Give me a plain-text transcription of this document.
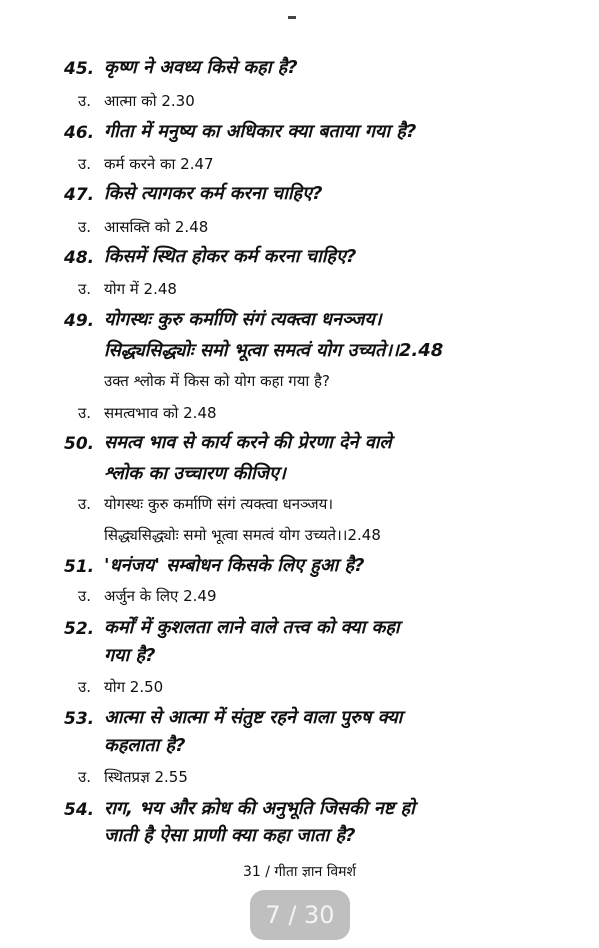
45. कृष्ण ने अवध्य किसे कहा है?
उ. आत्मा को 2.30
46. गीता में मनुष्य का अधिकार क्या बताया गया है?
उ. कर्म करने का 2.47
47. किसे त्यागकर कर्म करना चाहिए?
उ. आसक्ति को 2.48
48. किसमें स्थित होकर कर्म करना चाहिए?
उ. योग में 2.48
49. योगस्थः कुरु कर्माणि संगं त्यक्त्वा धनञ्जय।
सिद्ध्यसिद्ध्योः समो भूत्वा समत्वं योग उच्यते।।2.48
उक्त श्लोक में किस को योग कहा गया है?
उ. समत्वभाव को 2.48
50. समत्व भाव से कार्य करने की प्रेरणा देने वाले
श्लोक का उच्चारण कीजिए।
उ. योगस्थः कुरु कर्माणि संगं त्यक्त्वा धनञ्जय।
सिद्ध्यसिद्ध्योः समो भूत्वा समत्वं योग उच्यते।।2.48
51. 'धनंजय' सम्बोधन किसके लिए हुआ है?
उ. अर्जुन के लिए 2.49
52. कर्मों में कुशलता लाने वाले तत्त्व को क्या कहा
गया है?
उ. योग 2.50
53. आत्मा से आत्मा में संतुष्ट रहने वाला पुरुष क्या
कहलाता है?
उ. स्थितप्रज्ञ 2.55
54. राग, भय और क्रोध की अनुभूति जिसकी नष्ट हो
जाती है ऐसा प्राणी क्या कहा जाता है?
31 / गीता ज्ञान विमर्श
7 / 30
